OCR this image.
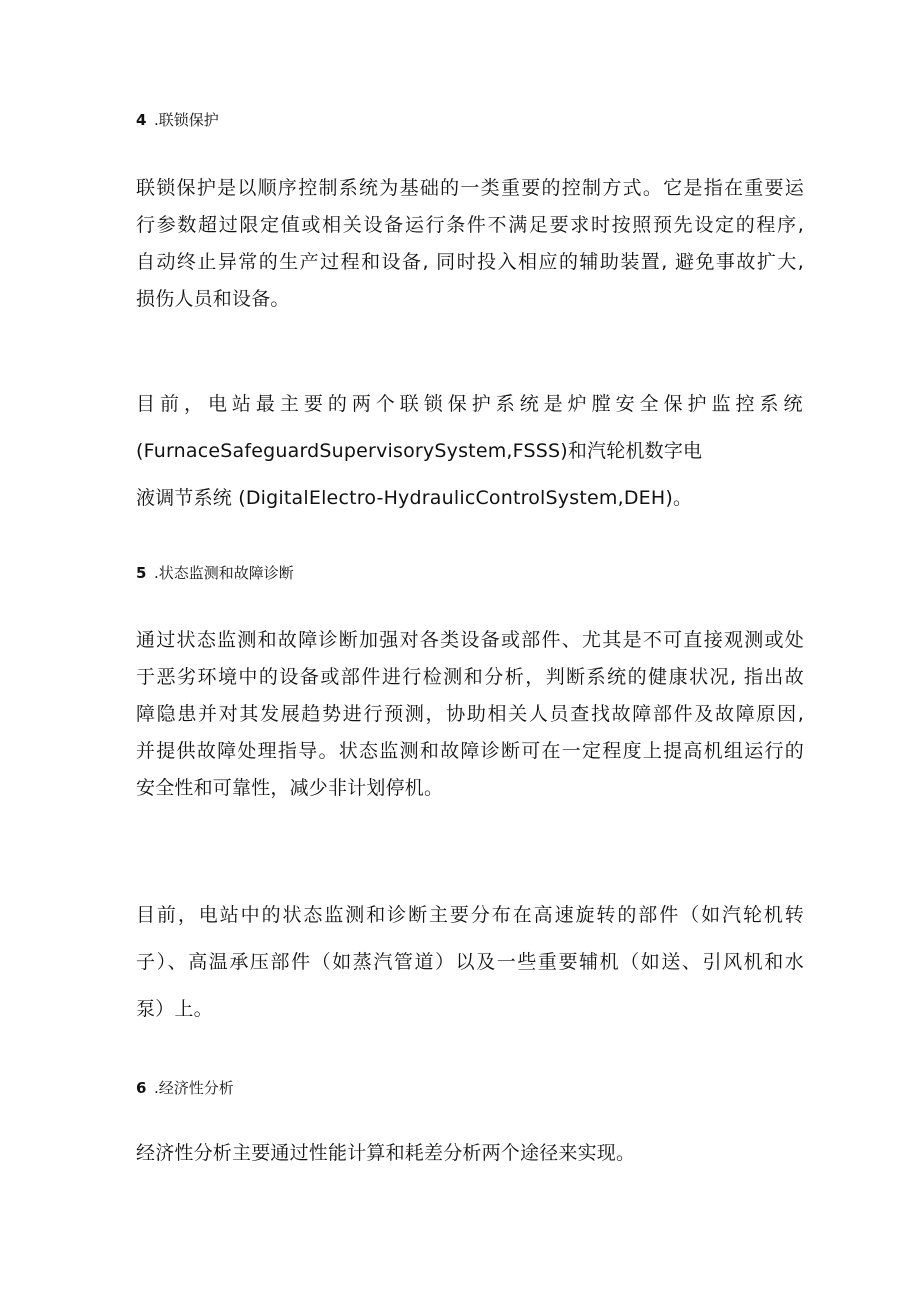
4 .联锁保护
联锁保护是以顺序控制系统为基础的一类重要的控制方式。它是指在重要运
行参数超过限定值或相关设备运行条件不满足要求时按照预先设定的程序,
自动终止异常的生产过程和设备, 同时投入相应的辅助装置, 避免事故扩大,
损伤人员和设备。
目前，电站最主要的两个联锁保护系统是炉膛安全保护监控系统
(FurnaceSafeguardSupervisorySystem,FSSS)和汽轮机数字电
液调节系统 (DigitalElectro-HydraulicControlSystem,DEH)。
5 .状态监测和故障诊断
通过状态监测和故障诊断加强对各类设备或部件、尤其是不可直接观测或处
于恶劣环境中的设备或部件进行检测和分析，判断系统的健康状况, 指出故
障隐患并对其发展趋势进行预测，协助相关人员查找故障部件及故障原因,
并提供故障处理指导。状态监测和故障诊断可在一定程度上提高机组运行的
安全性和可靠性，减少非计划停机。
目前，电站中的状态监测和诊断主要分布在高速旋转的部件（如汽轮机转
子）、高温承压部件（如蒸汽管道）以及一些重要辅机（如送、引风机和水
泵）上。
6 .经济性分析
经济性分析主要通过性能计算和耗差分析两个途径来实现。
